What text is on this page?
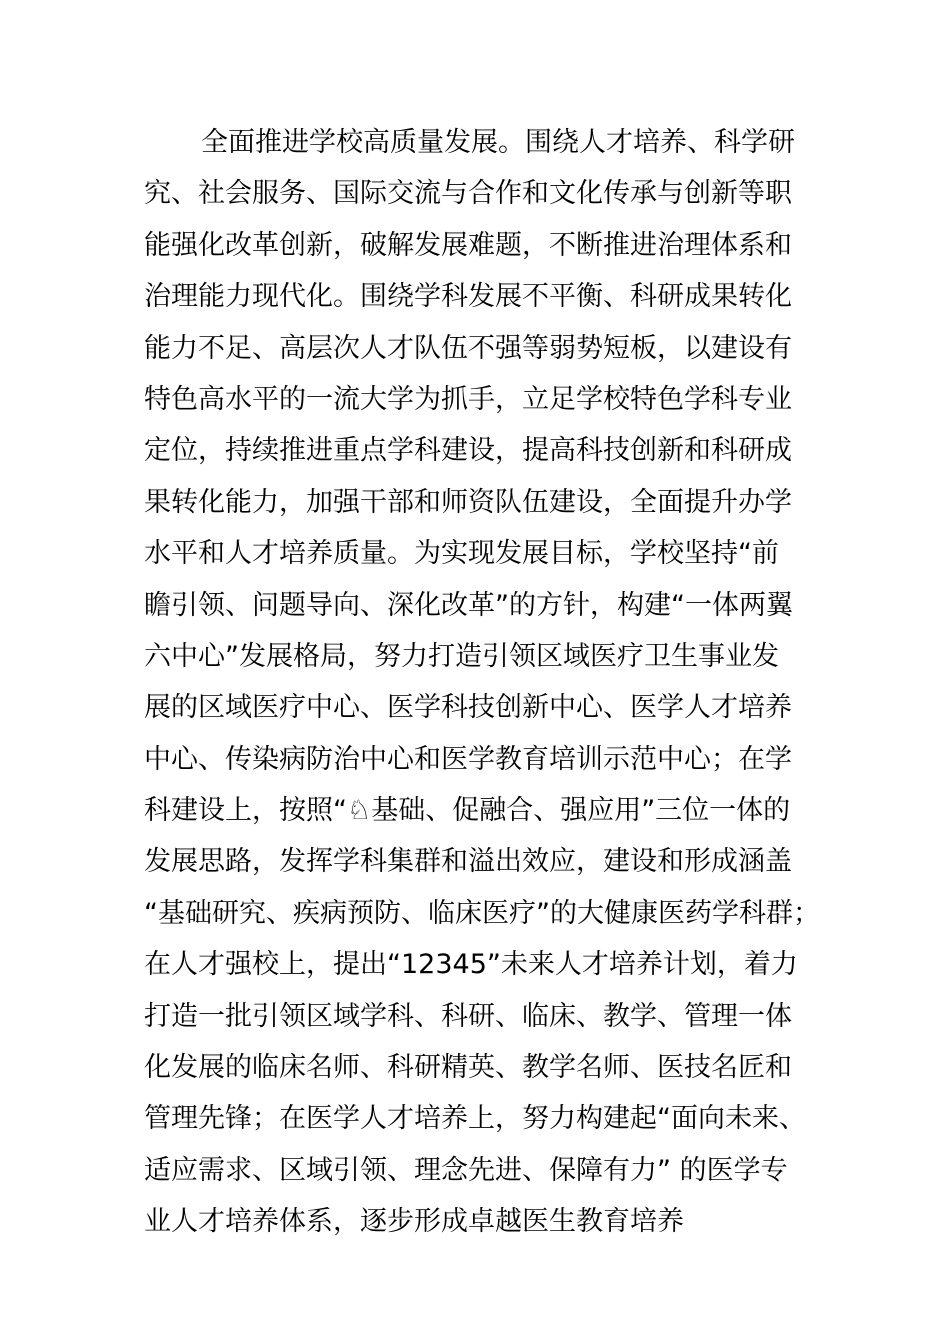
全面推进学校高质量发展。围绕人才培养、科学研
究、社会服务、国际交流与合作和文化传承与创新等职
能强化改革创新，破解发展难题，不断推进治理体系和
治理能力现代化。围绕学科发展不平衡、科研成果转化
能力不足、高层次人才队伍不强等弱势短板，以建设有
特色高水平的一流大学为抓手，立足学校特色学科专业
定位，持续推进重点学科建设，提高科技创新和科研成
果转化能力，加强干部和师资队伍建设，全面提升办学
水平和人才培养质量。为实现发展目标，学校坚持“前
瞻引领、问题导向、深化改革”的方针，构建“一体两翼
六中心”发展格局，努力打造引领区域医疗卫生事业发
展的区域医疗中心、医学科技创新中心、医学人才培养
中心、传染病防治中心和医学教育培训示范中心；在学
科建设上，按照“♘基础、促融合、强应用”三位一体的
发展思路，发挥学科集群和溢出效应，建设和形成涵盖
“基础研究、疾病预防、临床医疗”的大健康医药学科群；
在人才强校上，提出“12345”未来人才培养计划，着力
打造一批引领区域学科、科研、临床、教学、管理一体
化发展的临床名师、科研精英、教学名师、医技名匠和
管理先锋；在医学人才培养上，努力构建起“面向未来、
适应需求、区域引领、理念先进、保障有力” 的医学专
业人才培养体系，逐步形成卓越医生教育培养
